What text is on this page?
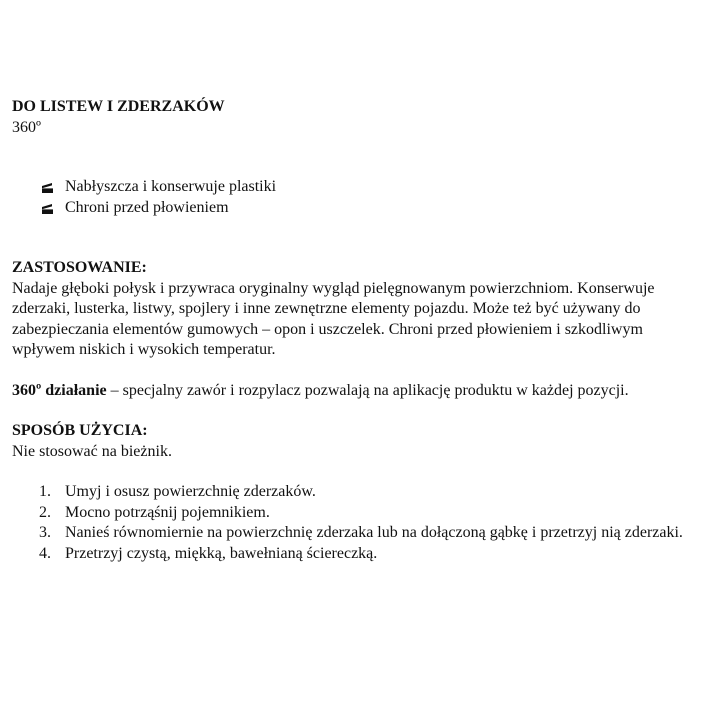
DO LISTEW I ZDERZAKÓW
360º
Nabłyszcza i konserwuje plastiki
Chroni przed płowieniem
ZASTOSOWANIE:

Nadaje głęboki połysk i przywraca oryginalny wygląd pielęgnowanym powierzchniom. Konserwuje zderzaki, lusterka, listwy, spojlery i inne zewnętrzne elementy pojazdu. Może też być używany do zabezpieczania elementów gumowych – opon i uszczelek. Chroni przed płowieniem i szkodliwym wpływem niskich i wysokich temperatur.

360º działanie – specjalny zawór i rozpylacz pozwalają na aplikację produktu w każdej pozycji.

SPOSÓB UŻYCIA:

Nie stosować na bieżnik.

1. Umyj i osusz powierzchnię zderzaków.
2. Mocno potrząśnij pojemnikiem.
3. Nanieś równomiernie na powierzchnię zderzaka lub na dołączoną gąbkę i przetrzyj nią zderzaki.
4. Przetrzyj czystą, miękką, bawełnianą ściereczką.
